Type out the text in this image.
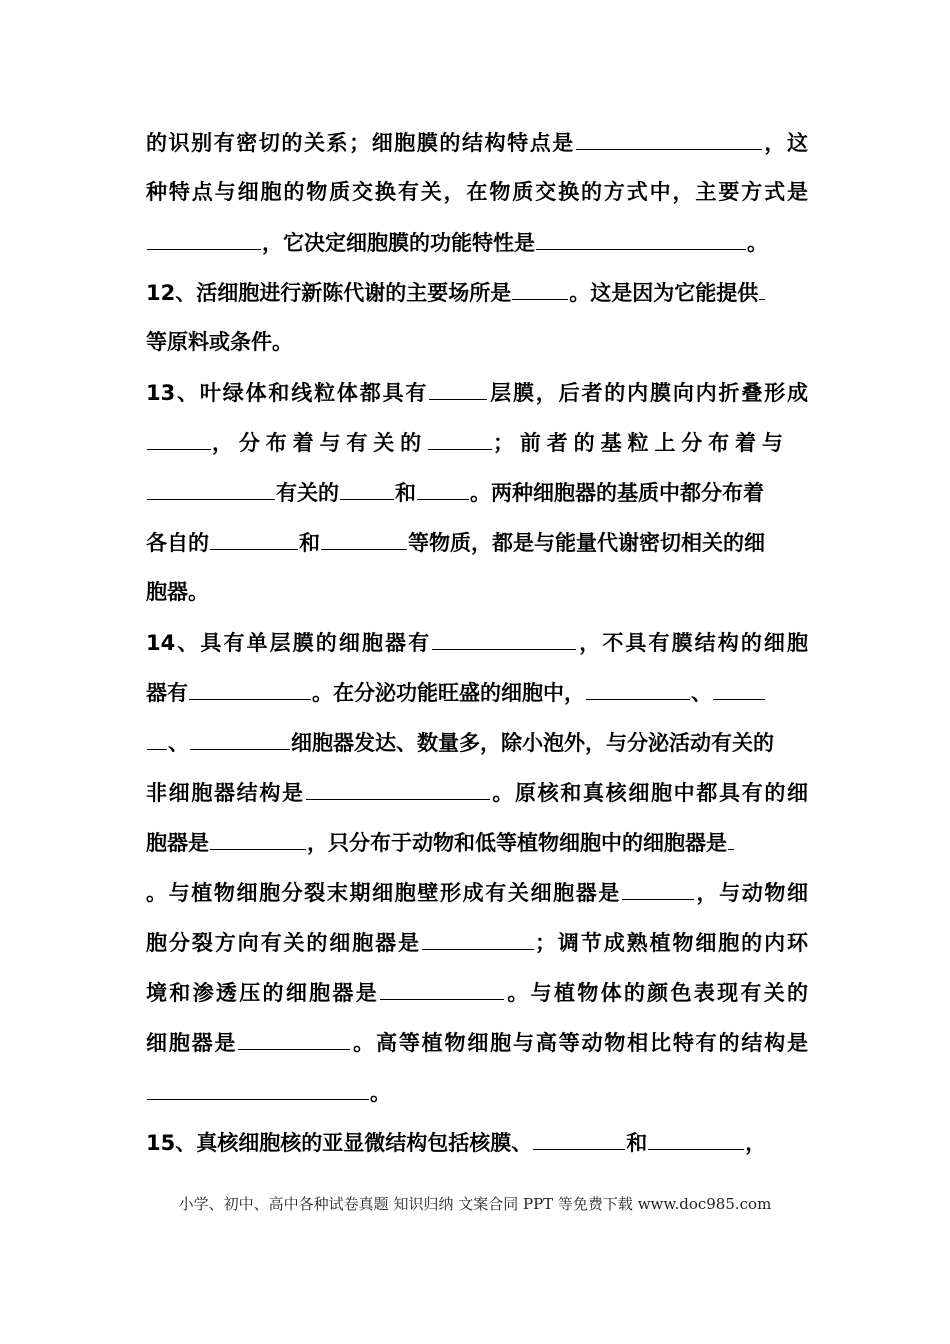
的识别有密切的关系；细胞膜的结构特点是	，这
种特点与细胞的物质交换有关，在物质交换的方式中，主要方式是
，它决定细胞膜的功能特性是	。
12、活细胞进行新陈代谢的主要场所是	。这是因为它能提供
等原料或条件。
13、叶绿体和线粒体都具有	层膜，后者的内膜向内折叠形成
，分布着与有关的	；前者的基粒上分布着与
有关的	和	。两种细胞器的基质中都分布着
各自的	和	等物质，都是与能量代谢密切相关的细
胞器。
14、具有单层膜的细胞器有	，不具有膜结构的细胞
器有	。在分泌功能旺盛的细胞中，	、
、	细胞器发达、数量多，除小泡外，与分泌活动有关的
非细胞器结构是	。原核和真核细胞中都具有的细
胞器是	，只分布于动物和低等植物细胞中的细胞器是
。与植物细胞分裂末期细胞壁形成有关细胞器是	，与动物细
胞分裂方向有关的细胞器是	；调节成熟植物细胞的内环
境和渗透压的细胞器是	。与植物体的颜色表现有关的
细胞器是	。高等植物细胞与高等动物相比特有的结构是
。
15、真核细胞核的亚显微结构包括核膜、	和	，
小学、初中、高中各种试卷真题 知识归纳 文案合同 PPT 等免费下载 www.doc985.com
